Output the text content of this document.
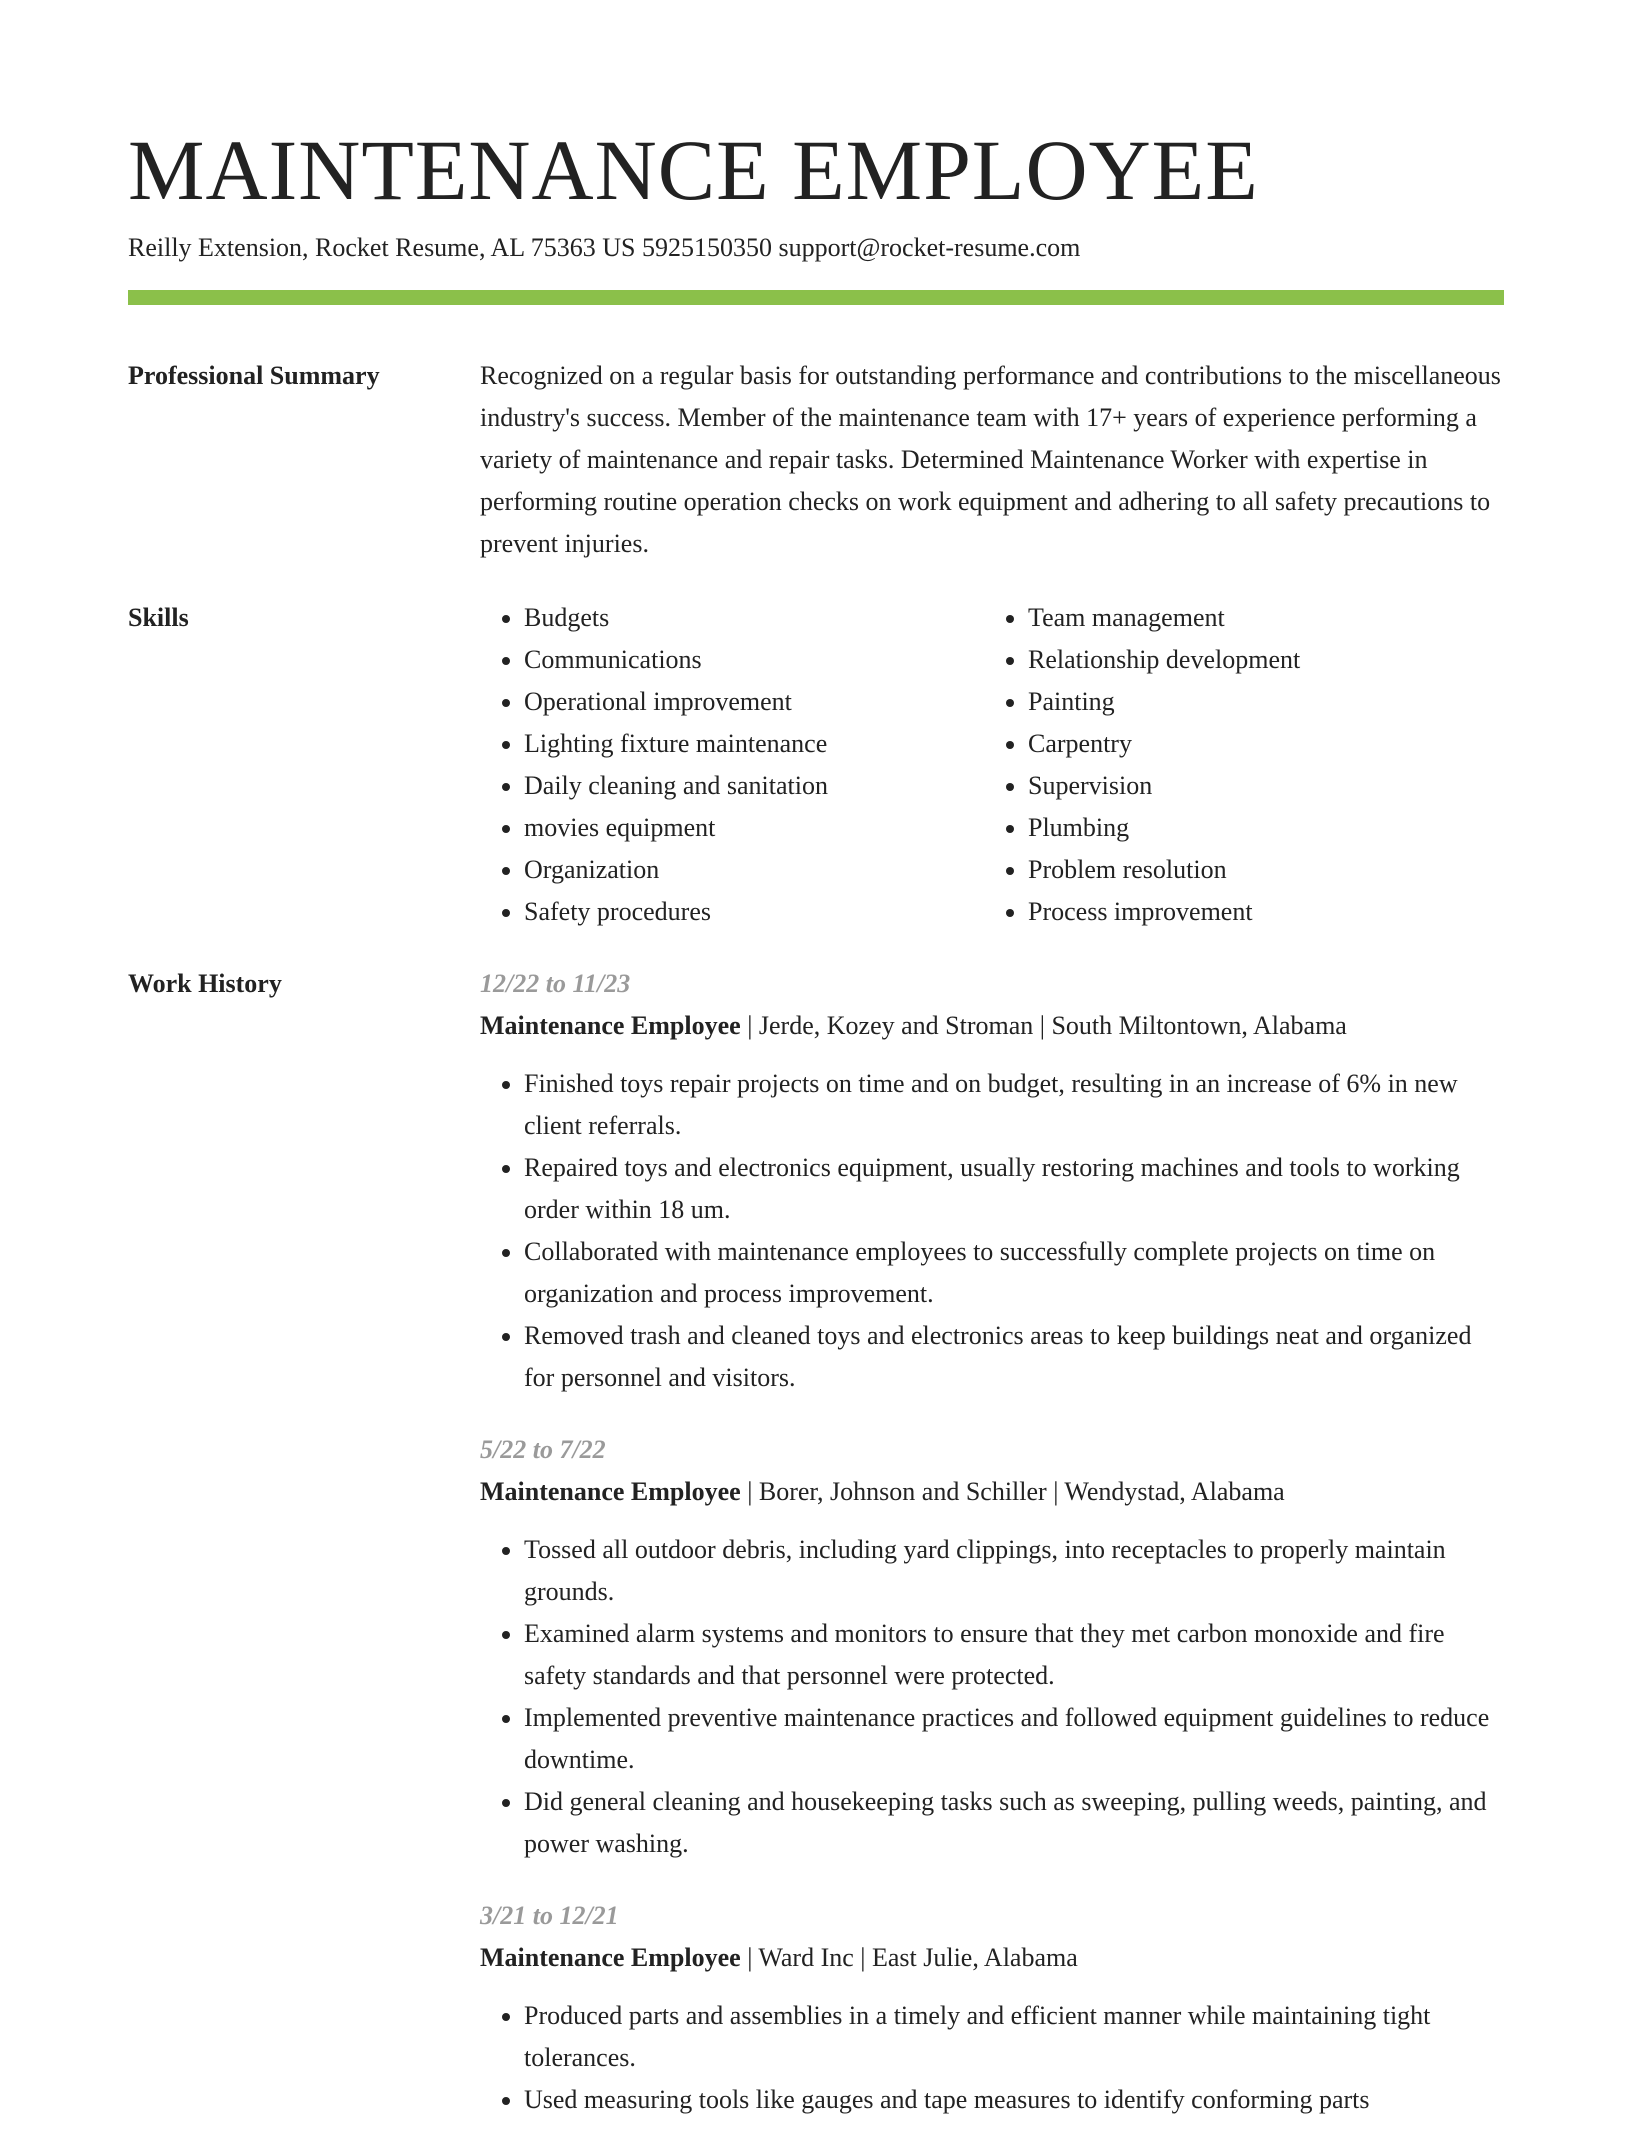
MAINTENANCE EMPLOYEE
Reilly Extension, Rocket Resume, AL 75363 US 5925150350 support@rocket-resume.com
Professional Summary	Recognized on a regular basis for outstanding performance and contributions to the miscellaneous industry's success. Member of the maintenance team with 17+ years of experience performing a variety of maintenance and repair tasks. Determined Maintenance Worker with expertise in performing routine operation checks on work equipment and adhering to all safety precautions to prevent injuries.
Skills
•	Budgets
• Communications
• Operational improvement
• Lighting fixture maintenance
• Daily cleaning and sanitation
• movies equipment
• Organization
• Safety procedures
• Team management
• Relationship development
• Painting
• Carpentry
• Supervision
• Plumbing
• Problem resolution
• Process improvement
Work History	12/22 to 11/23
Maintenance Employee | Jerde, Kozey and Stroman | South Miltontown, Alabama
• Finished toys repair projects on time and on budget, resulting in an increase of 6% in new client referrals.
• Repaired toys and electronics equipment, usually restoring machines and tools to working order within 18 um.
• Collaborated with maintenance employees to successfully complete projects on time on organization and process improvement.
• Removed trash and cleaned toys and electronics areas to keep buildings neat and organized for personnel and visitors.
5/22 to 7/22
Maintenance Employee | Borer, Johnson and Schiller | Wendystad, Alabama
• Tossed all outdoor debris, including yard clippings, into receptacles to properly maintain grounds.
• Examined alarm systems and monitors to ensure that they met carbon monoxide and fire safety standards and that personnel were protected.
• Implemented preventive maintenance practices and followed equipment guidelines to reduce downtime.
• Did general cleaning and housekeeping tasks such as sweeping, pulling weeds, painting, and power washing.
3/21 to 12/21
Maintenance Employee | Ward Inc | East Julie, Alabama
• Produced parts and assemblies in a timely and efficient manner while maintaining tight tolerances.
• Used measuring tools like gauges and tape measures to identify conforming parts
